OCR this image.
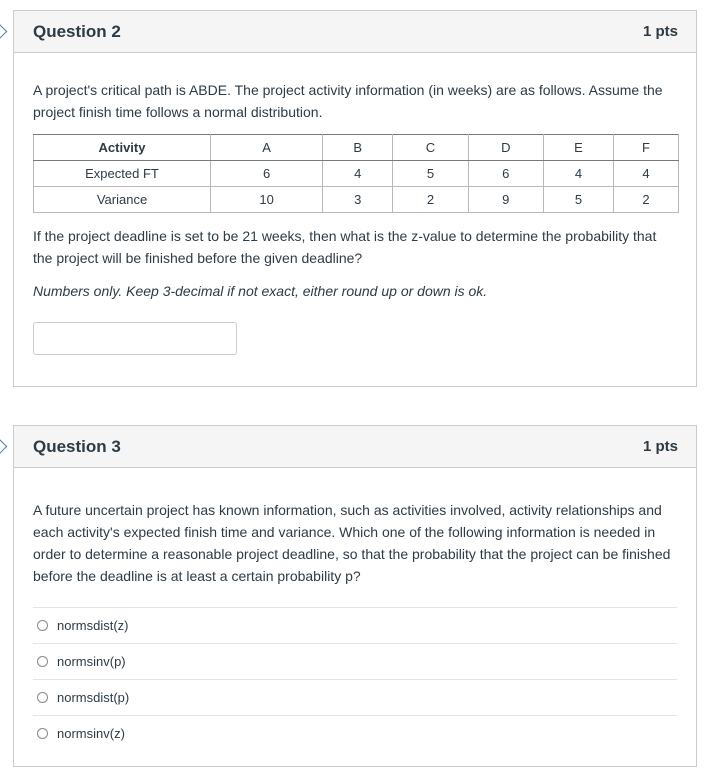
Question 2	1 pts

A project's critical path is ABDE. The project activity information (in weeks) are as follows. Assume the project finish time follows a normal distribution.

Activity	A	B	C	D	E	F
Expected FT	6	4	5	6	4	4
Variance	10	3	2	9	5	2

If the project deadline is set to be 21 weeks, then what is the z-value to determine the probability that the project will be finished before the given deadline?

Numbers only. Keep 3-decimal if not exact, either round up or down is ok.

Question 3	1 pts

A future uncertain project has known information, such as activities involved, activity relationships and each activity's expected finish time and variance. Which one of the following information is needed in order to determine a reasonable project deadline, so that the probability that the project can be finished before the deadline is at least a certain probability p?

normsdist(z)
normsinv(p)
normsdist(p)
normsinv(z)
